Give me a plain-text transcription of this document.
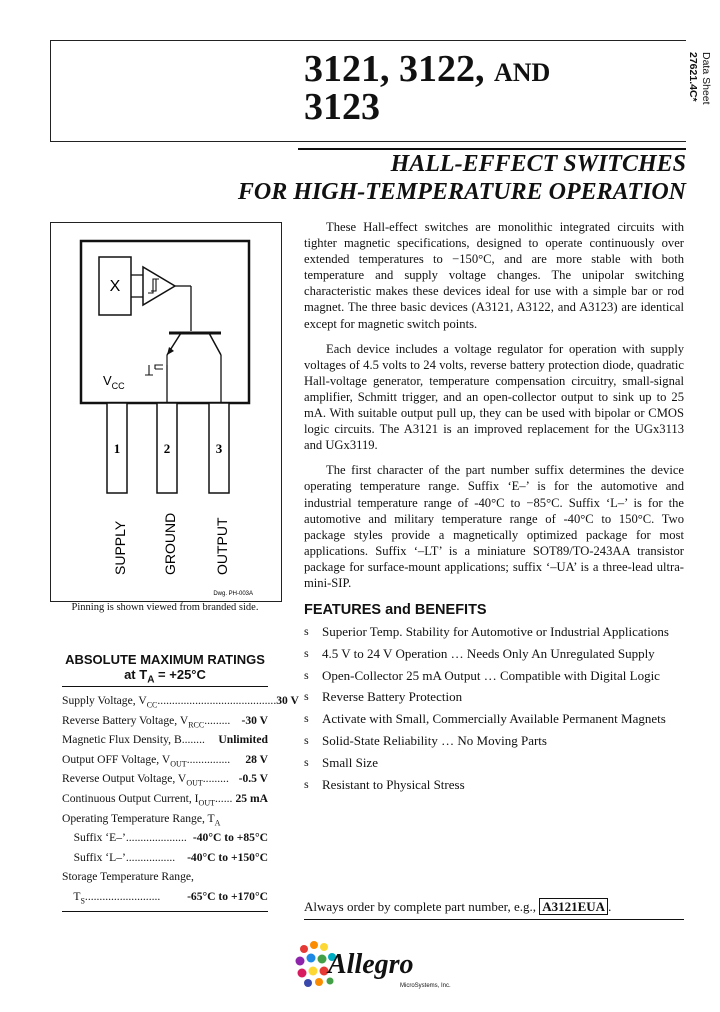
3121, 3122, AND
3123
Data Sheet
27621.4C*
HALL-EFFECT SWITCHES
FOR HIGH-TEMPERATURE OPERATION

These Hall-effect switches are monolithic integrated circuits with tighter magnetic specifications, designed to operate continuously over extended temperatures to −150°C, and are more stable with both temperature and supply voltage changes. The unipolar switching characteristic makes these devices ideal for use with a simple bar or rod magnet. The three basic devices (A3121, A3122, and A3123) are identical except for magnetic switch points.

Each device includes a voltage regulator for operation with supply voltages of 4.5 volts to 24 volts, reverse battery protection diode, quadratic Hall-voltage generator, temperature compensation circuitry, small-signal amplifier, Schmitt trigger, and an open-collector output to sink up to 25 mA. With suitable output pull up, they can be used with bipolar or CMOS logic circuits. The A3121 is an improved replacement for the UGx3113 and UGx3119.

The first character of the part number suffix determines the device operating temperature range. Suffix ‘E–’ is for the automotive and industrial temperature range of -40°C to −85°C. Suffix ‘L–’ is for the automotive and military temperature range of -40°C to 150°C. Two package styles provide a magnetically optimized package for most applications. Suffix ‘–LT’ is a miniature SOT89/TO-243AA transistor package for surface-mount applications; suffix ‘–UA’ is a three-lead ultra-mini-SIP.

FEATURES and BENEFITS
s	Superior Temp. Stability for Automotive or Industrial Applications
s	4.5 V to 24 V Operation … Needs Only An Unregulated Supply
s	Open-Collector 25 mA Output … Compatible with Digital Logic
s	Reverse Battery Protection
s	Activate with Small, Commercially Available Permanent Magnets
s	Solid-State Reliability … No Moving Parts
s	Small Size
s	Resistant to Physical Stress
X
$V_{CC}$
1	2	3
SUPPLY GROUND	OUTPUT
Dwg. PH-003A
Pinning is shown viewed from branded side.
ABSOLUTE MAXIMUM RATINGS
at $T_A = +25^\circ C$
Supply Voltage, $V_{CC}$ ......................................... 30 V
Reverse Battery Voltage, $V_{RCC}$ ......... -30 V
Magnetic Flux Density, B ........	Unlimited
Output OFF Voltage, $V_{OUT}$ ...............	28 V
Reverse Output Voltage, $V_{OUT}$ ......... -0.5 V
Continuous Output Current, $I_{OUT}$ ...... 25 mA
Operating Temperature Range, $T_A$
Suffix ‘E–’ ..................... -40°C to +85°C
Suffix ‘L–’ .................	-40°C to +150°C
Storage Temperature Range,
$T_S$ ..........................	-65°C to +170°C
Always order by complete part number, e.g., A3121EUA .
Allegro
MicroSystems, Inc.
